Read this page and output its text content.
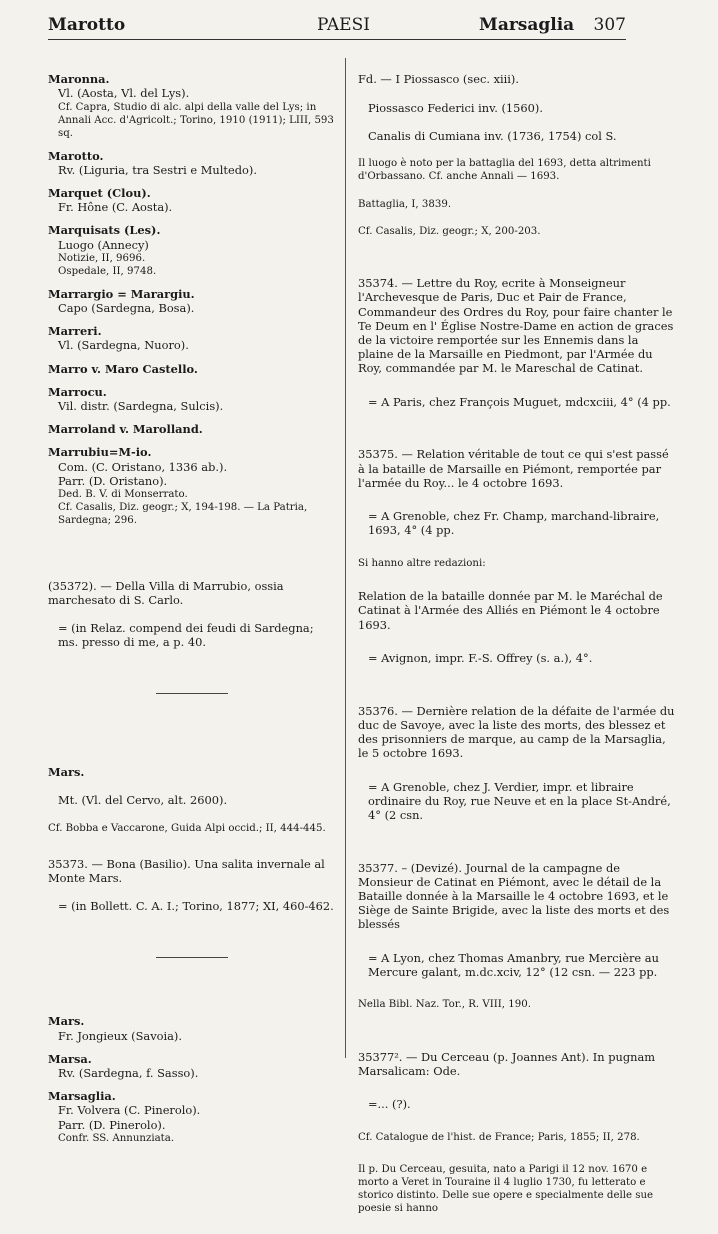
Marotto	PAESI	Marsaglia 307

Maronna.
Vl. (Aosta, Vl. del Lys).
Cf. Capra, Studio di alc. alpi della valle del Lys; in Annali Acc. d'Agricolt.; Torino, 1910 (1911); LIII, 593 sq.
Marotto.
Rv. (Liguria, tra Sestri e Multedo).
Marquet (Clou).
Fr. Hône (C. Aosta).
Marquisats (Les).
Luogo (Annecy)
Notizie, II, 9696.
Ospedale, II, 9748.
Marrargio = Marargiu.
Capo (Sardegna, Bosa).
Marreri.
Vl. (Sardegna, Nuoro).
Marro v. Maro Castello.
Marrocu.
Vil. distr. (Sardegna, Sulcis).
Marroland v. Marolland.
Marrubiu=M-io.
Com. (C. Oristano, 1336 ab.).
Parr. (D. Oristano).
Ded. B. V. di Monserrato.
Cf. Casalis, Diz. geogr.; X, 194-198. — La Patria, Sardegna; 296.

(35372). — Della Villa di Marrubio, ossia marchesato di S. Carlo.

= (in Relaz. compend dei feudi di Sardegna; ms. presso di me, a p. 40.

Mars.

Mt. (Vl. del Cervo, alt. 2600).

Cf. Bobba e Vaccarone, Guida Alpi occid.; II, 444-445.

35373. — Bona (Basilio). Una salita invernale al Monte Mars.

= (in Bollett. C. A. I.; Torino, 1877; XI, 460-462.

Mars.
Fr. Jongieux (Savoia).
Marsa.
Rv. (Sardegna, f. Sasso).
Marsaglia.
Fr. Volvera (C. Pinerolo).
Parr. (D. Pinerolo).
Confr. SS. Annunziata.

Fd. — I Piossasco (sec. xiii).

Piossasco Federici inv. (1560).

Canalis di Cumiana inv. (1736, 1754) col S.

Il luogo è noto per la battaglia del 1693, detta altrimenti d'Orbassano. Cf. anche Annali — 1693.

Battaglia, I, 3839.

Cf. Casalis, Diz. geogr.; X, 200-203.

35374. — Lettre du Roy, ecrite à Monseigneur l'Archevesque de Paris, Duc et Pair de France, Commandeur des Ordres du Roy, pour faire chanter le Te Deum en l' Église Nostre-Dame en action de graces de la victoire remportée sur les Ennemis dans la plaine de la Marsaille en Piedmont, par l'Armée du Roy, commandée par M. le Mareschal de Catinat.

= A Paris, chez François Muguet, mdcxciii, 4° (4 pp.

35375. — Relation véritable de tout ce qui s'est passé à la bataille de Marsaille en Piémont, remportée par l'armée du Roy... le 4 octobre 1693.

= A Grenoble, chez Fr. Champ, marchand-libraire, 1693, 4° (4 pp.

Si hanno altre redazioni:

Relation de la bataille donnée par M. le Maréchal de Catinat à l'Armée des Alliés en Piémont le 4 octobre 1693.

= Avignon, impr. F.-S. Offrey (s. a.), 4°.

35376. — Dernière relation de la défaite de l'armée du duc de Savoye, avec la liste des morts, des blessez et des prisonniers de marque, au camp de la Marsaglia, le 5 octobre 1693.

= A Grenoble, chez J. Verdier, impr. et libraire ordinaire du Roy, rue Neuve et en la place St-André, 4° (2 csn.

35377. – (Devizé). Journal de la campagne de Monsieur de Catinat en Piémont, avec le détail de la Bataille donnée à la Marsaille le 4 octobre 1693, et le Siège de Sainte Brigide, avec la liste des morts et des blessés

= A Lyon, chez Thomas Amanbry, rue Mercière au Mercure galant, m.dc.xciv, 12° (12 csn. — 223 pp.

Nella Bibl. Naz. Tor., R. VIII, 190.

35377². — Du Cerceau (p. Joannes Ant). In pugnam Marsalicam: Ode.

=... (?).

Cf. Catalogue de l'hist. de France; Paris, 1855; II, 278.

Il p. Du Cerceau, gesuita, nato a Parigi il 12 nov. 1670 e morto a Veret in Touraine il 4 luglio 1730, fu letterato e storico distinto. Delle sue opere e specialmente delle sue poesie si hanno
